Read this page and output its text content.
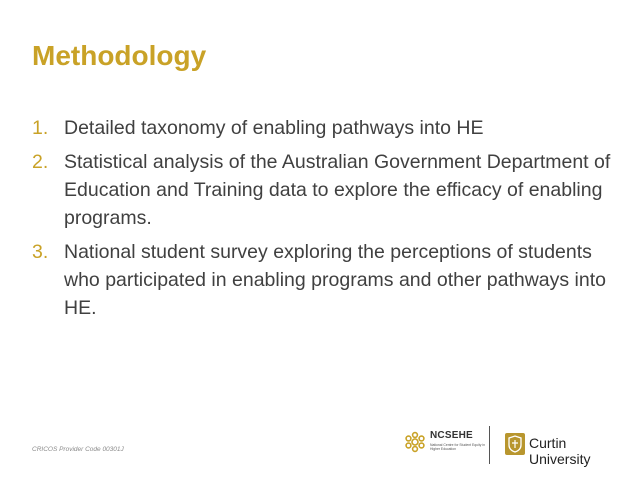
Methodology
1. Detailed taxonomy of enabling pathways into HE
2. Statistical analysis of the Australian Government Department of Education and Training data to explore the efficacy of enabling programs.
3. National student survey exploring the perceptions of students who participated in enabling programs and other pathways into HE.
CRICOS Provider Code 00301J
NCSEHE
National Centre for Student Equity in Higher Education	Curtin University
